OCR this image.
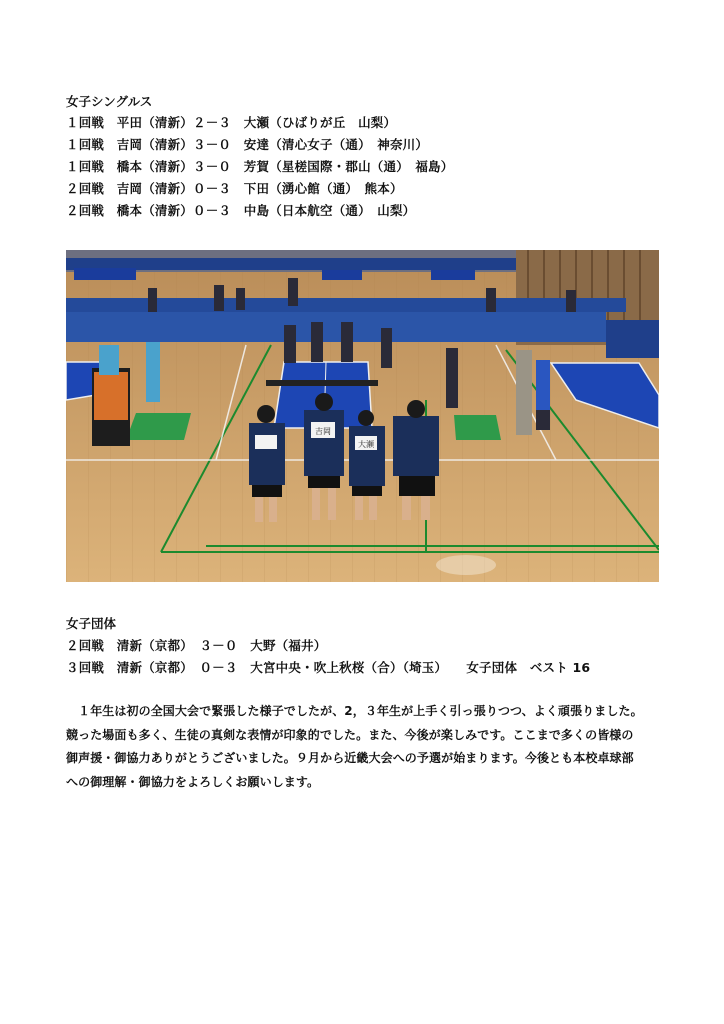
女子シングルス
１回戦　平田（清新）２－３　大瀬（ひばりが丘　山梨）
１回戦　吉岡（清新）３－０　安達（清心女子（通）　神奈川）
１回戦　橋本（清新）３－０　芳賀（星槎国際・郡山（通）　福島）
２回戦　吉岡（清新）０－３　下田（湧心館（通）　熊本）
２回戦　橋本（清新）０－３　中島（日本航空（通）　山梨）
吉岡
大瀬
女子団体
２回戦　清新（京都）　３－０　大野（福井）
３回戦　清新（京都）　０－３　大宮中央・吹上秋桜（合）（埼玉）　　女子団体　ベスト 16
　１年生は初の全国大会で緊張した様子でしたが、2，３年生が上手く引っ張りつつ、よく頑張りました。
競った場面も多く、生徒の真剣な表情が印象的でした。また、今後が楽しみです。ここまで多くの皆様の
御声援・御協力ありがとうございました。９月から近畿大会への予選が始まります。今後とも本校卓球部
への御理解・御協力をよろしくお願いします。
